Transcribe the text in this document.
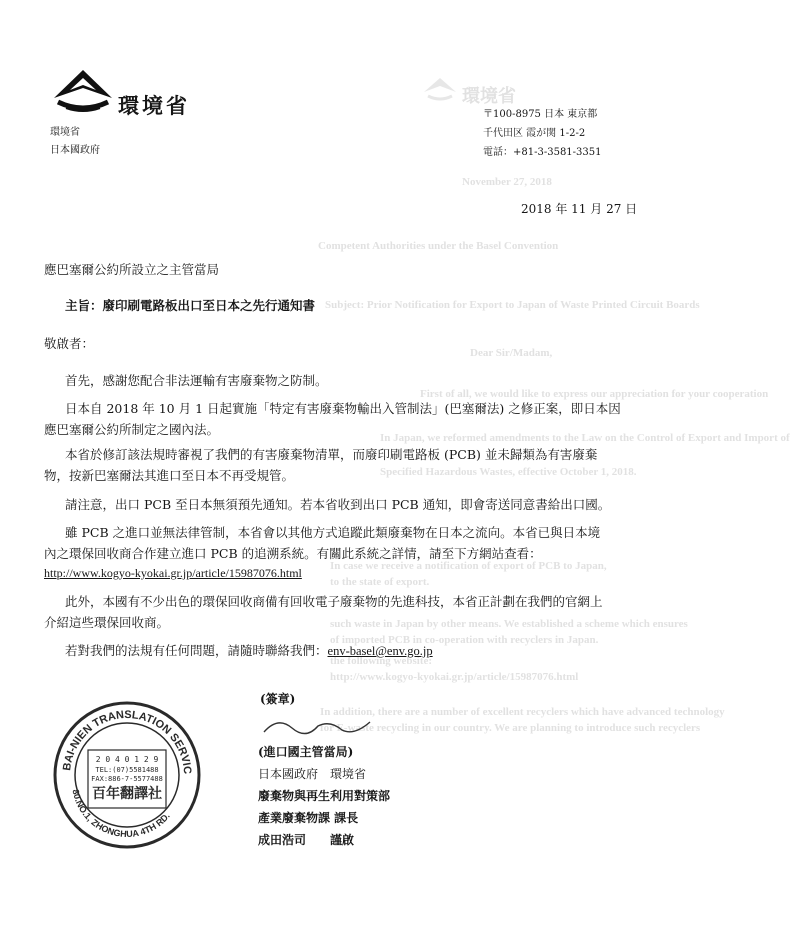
環境省
November 27, 2018
Competent Authorities under the Basel Convention
Subject: Prior Notification for Export to Japan of Waste Printed Circuit Boards
Dear Sir/Madam,
First of all, we would like to express our appreciation for your cooperation
In Japan, we reformed amendments to the Law on the Control of Export and Import of
Specified Hazardous Wastes, effective October 1, 2018.
In case we receive a notification of export of PCB to Japan,
to the state of export.
such waste in Japan by other means. We established a scheme which ensures
of imported PCB in co-operation with recyclers in Japan.
the following website:
http://www.kogyo-kyokai.gr.jp/article/15987076.html
In addition, there are a number of excellent recyclers which have advanced technology
for E-waste recycling in our country. We are planning to introduce such recyclers
環境省
環境省
日本國政府
〒100-8975 日本 東京都
千代田区 霞が関 1-2-2
電話：+81-3-3581-3351
2018 年 11 月 27 日
應巴塞爾公約所設立之主管當局
主旨：廢印刷電路板出口至日本之先行通知書
敬啟者：
首先，感謝您配合非法運輸有害廢棄物之防制。
日本自 2018 年 10 月 1 日起實施「特定有害廢棄物輸出入管制法」(巴塞爾法) 之修正案，即日本因
應巴塞爾公約所制定之國內法。
本省於修訂該法規時審視了我們的有害廢棄物清單，而廢印刷電路板 (PCB) 並未歸類為有害廢棄
物，按新巴塞爾法其進口至日本不再受規管。
請注意，出口 PCB 至日本無須預先通知。若本省收到出口 PCB 通知，即會寄送同意書給出口國。
雖 PCB 之進口並無法律管制，本省會以其他方式追蹤此類廢棄物在日本之流向。本省已與日本境
內之環保回收商合作建立進口 PCB 的追溯系統。有關此系統之詳情，請至下方網站查看：
http://www.kogyo-kyokai.gr.jp/article/15987076.html
此外，本國有不少出色的環保回收商備有回收電子廢棄物的先進科技，本省正計劃在我們的官網上
介紹這些環保回收商。
若對我們的法規有任何問題，請隨時聯絡我們：env-basel@env.go.jp
(簽章)
(進口國主管當局)
日本國政府　環境省
廢棄物與再生利用對策部
產業廢棄物課 課長
成田浩司　　謹啟
BAI-NIEN TRANSLATION SERVIC
80.NO.1, ZHONGHUA 4TH RD.
2 0 4 0 1 2 9
TEL:(07)5581488
FAX:886-7-5577488
百年翻譯社
